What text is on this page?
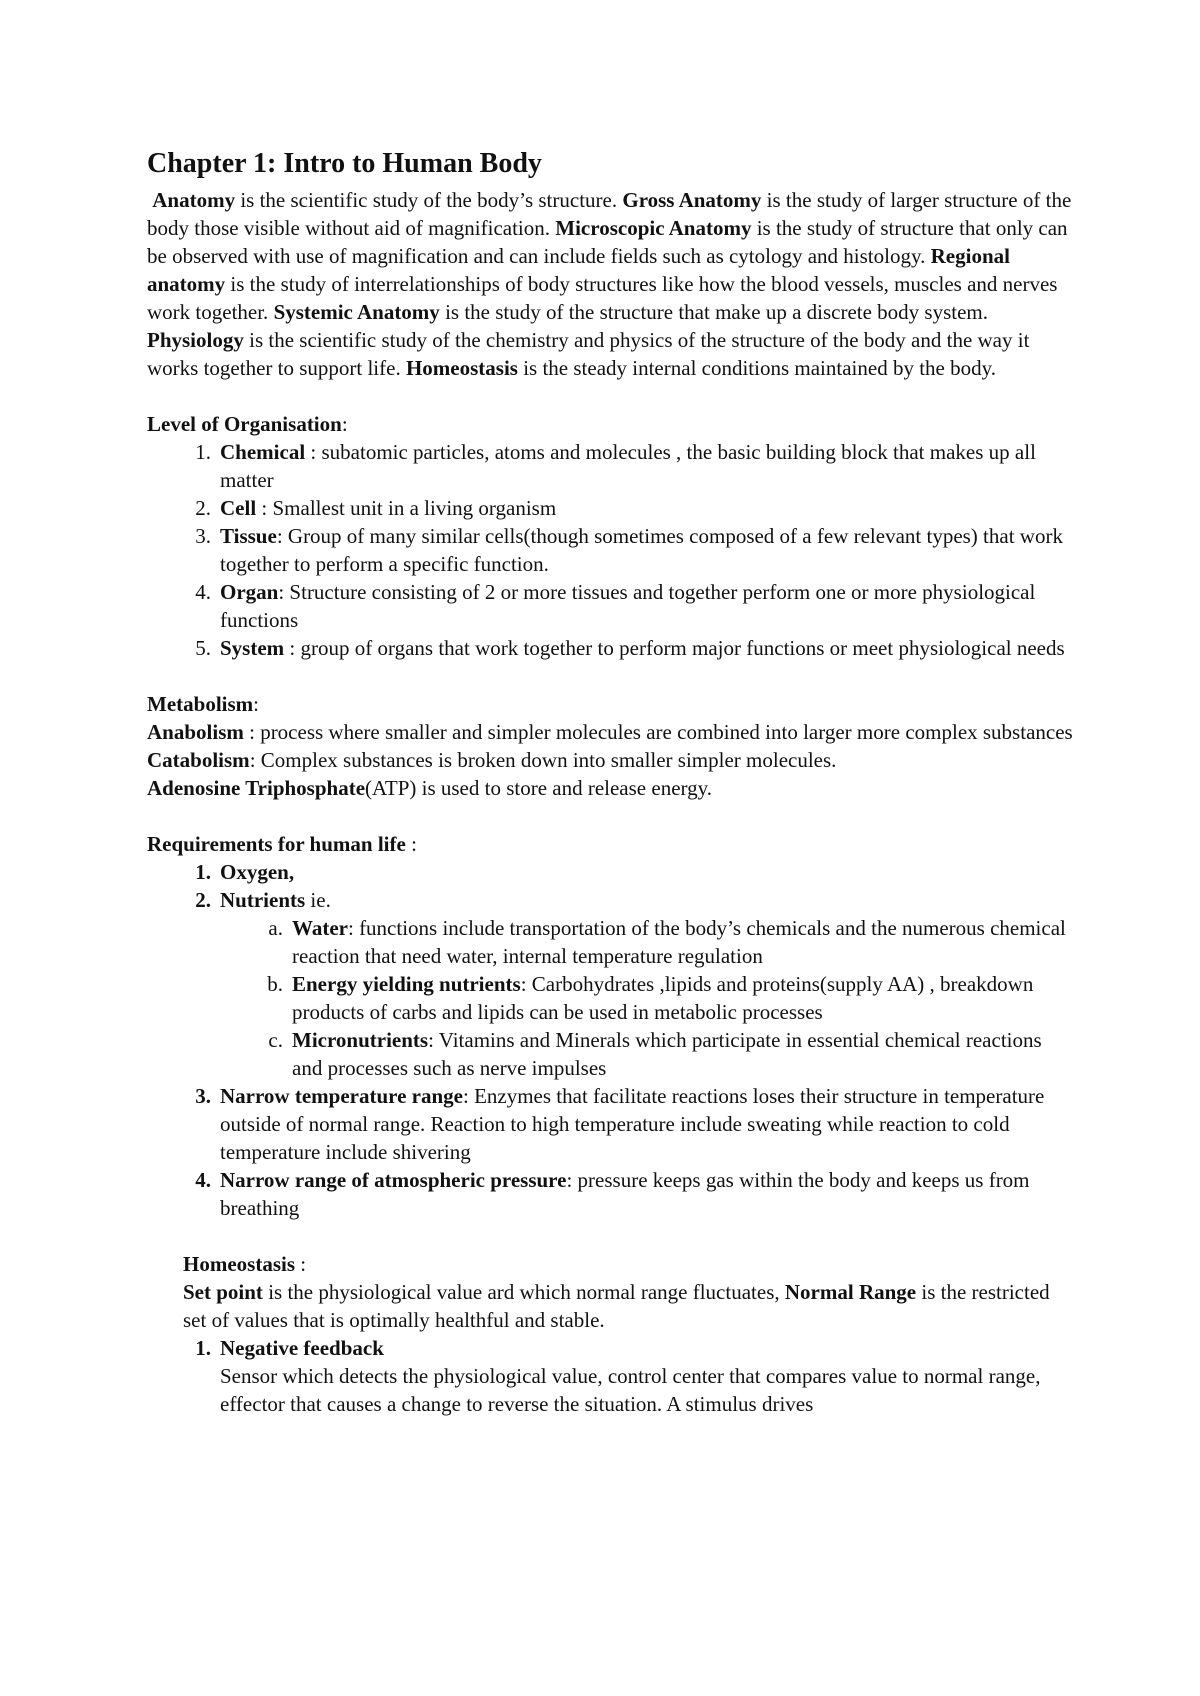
Chapter 1: Intro to Human Body

Anatomy is the scientific study of the body’s structure. Gross Anatomy is the study of larger structure of the body those visible without aid of magnification. Microscopic Anatomy is the study of structure that only can be observed with use of magnification and can include fields such as cytology and histology. Regional anatomy is the study of interrelationships of body structures like how the blood vessels, muscles and nerves work together. Systemic Anatomy is the study of the structure that make up a discrete body system.

Physiology is the scientific study of the chemistry and physics of the structure of the body and the way it works together to support life. Homeostasis is the steady internal conditions maintained by the body.

Level of Organisation:

1. Chemical : subatomic particles, atoms and molecules , the basic building block that makes up all matter
2. Cell : Smallest unit in a living organism
3. Tissue: Group of many similar cells(though sometimes composed of a few relevant types) that work together to perform a specific function.
4. Organ: Structure consisting of 2 or more tissues and together perform one or more physiological functions
5. System : group of organs that work together to perform major functions or meet physiological needs

Metabolism:

Anabolism : process where smaller and simpler molecules are combined into larger more complex substances

Catabolism: Complex substances is broken down into smaller simpler molecules.

Adenosine Triphosphate(ATP) is used to store and release energy.

Requirements for human life :

1. Oxygen,
2. Nutrients ie.
a. Water: functions include transportation of the body’s chemicals and the numerous chemical reaction that need water, internal temperature regulation
b. Energy yielding nutrients: Carbohydrates ,lipids and proteins(supply AA) , breakdown products of carbs and lipids can be used in metabolic processes
c. Micronutrients: Vitamins and Minerals which participate in essential chemical reactions and processes such as nerve impulses
3. Narrow temperature range: Enzymes that facilitate reactions loses their structure in temperature outside of normal range. Reaction to high temperature include sweating while reaction to cold temperature include shivering
4. Narrow range of atmospheric pressure: pressure keeps gas within the body and keeps us from breathing

Homeostasis :

Set point is the physiological value ard which normal range fluctuates, Normal Range is the restricted set of values that is optimally healthful and stable.

1. Negative feedback
Sensor which detects the physiological value, control center that compares value to normal range, effector that causes a change to reverse the situation. A stimulus drives
